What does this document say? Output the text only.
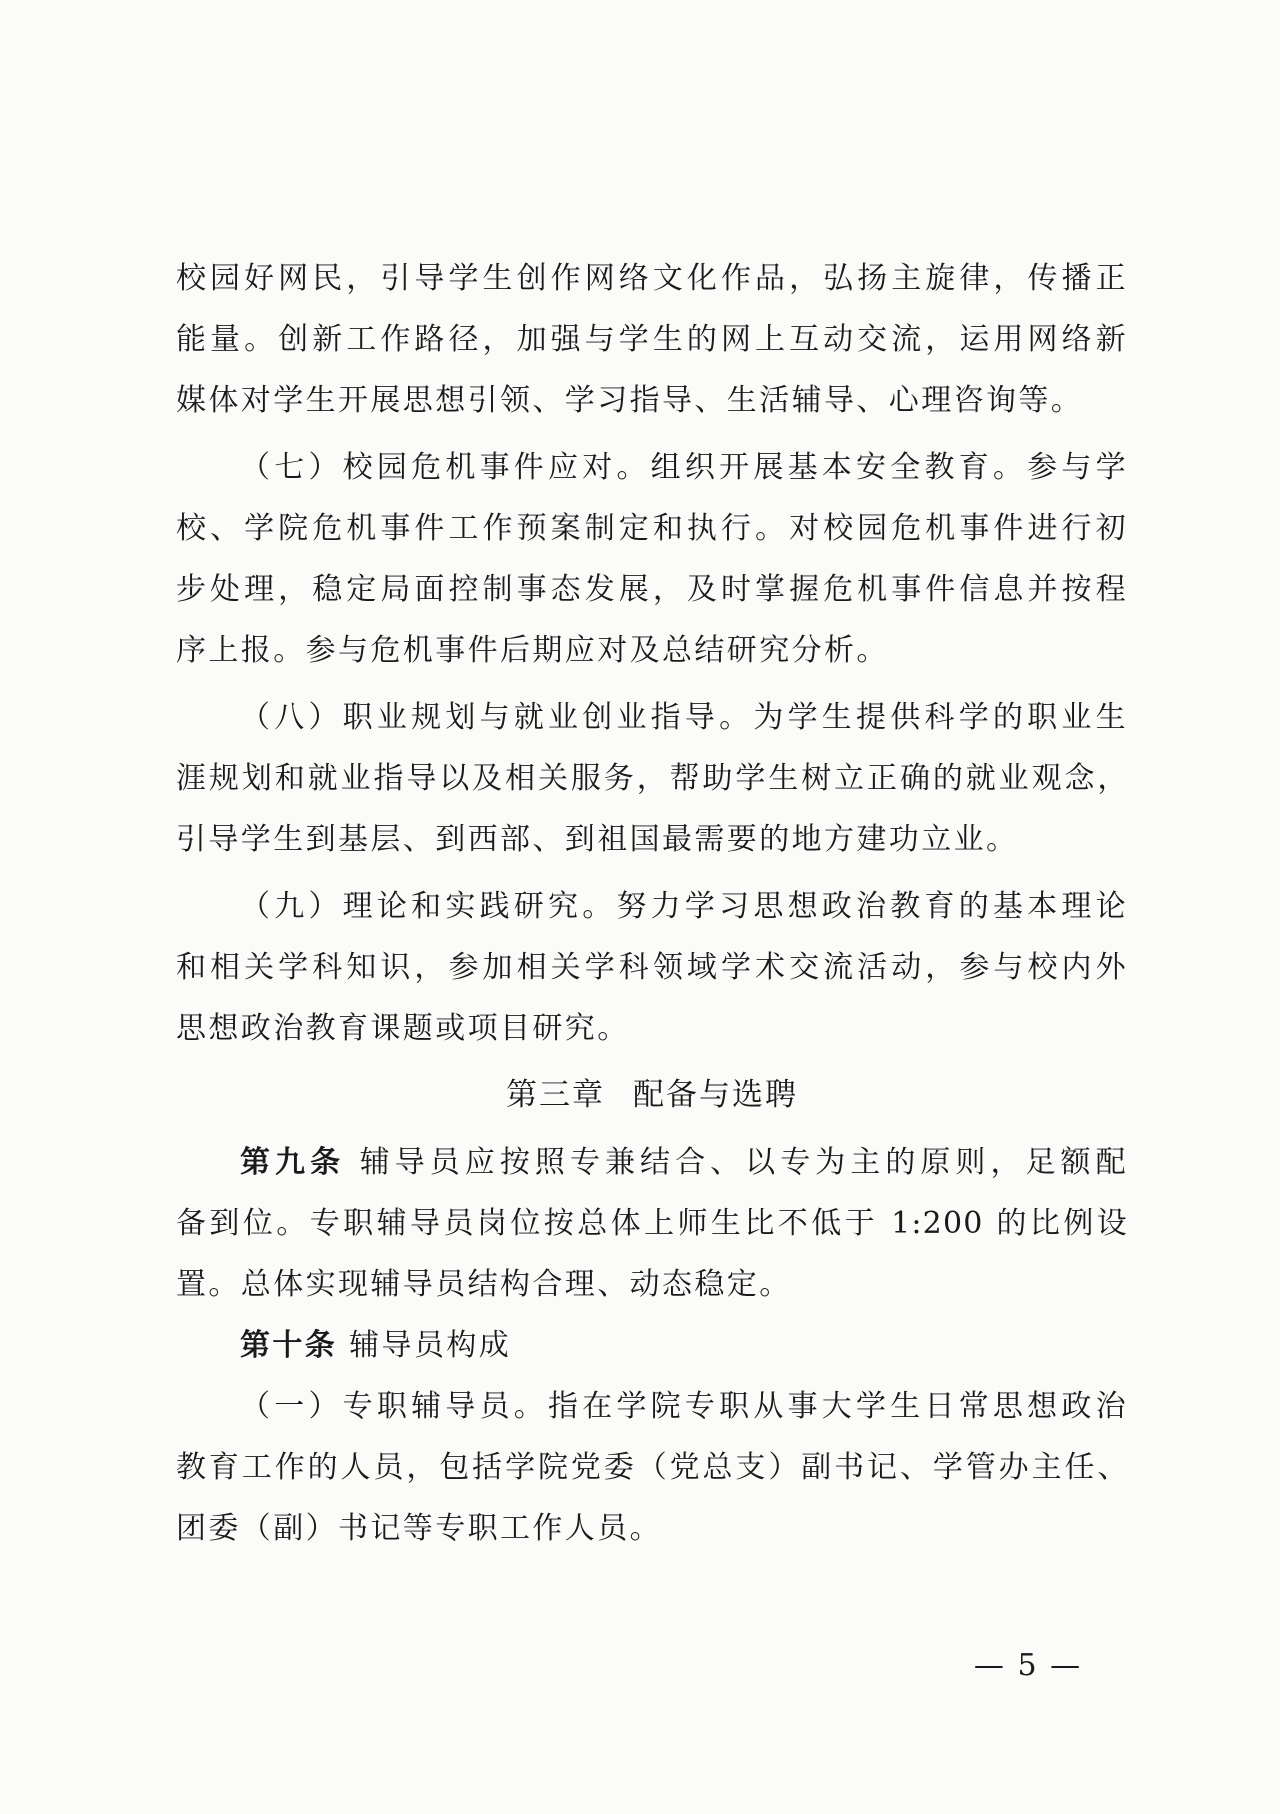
校园好网民，引导学生创作网络文化作品，弘扬主旋律，传播正
能量。创新工作路径，加强与学生的网上互动交流，运用网络新
媒体对学生开展思想引领、学习指导、生活辅导、心理咨询等。
（七）校园危机事件应对。组织开展基本安全教育。参与学
校、学院危机事件工作预案制定和执行。对校园危机事件进行初
步处理，稳定局面控制事态发展，及时掌握危机事件信息并按程
序上报。参与危机事件后期应对及总结研究分析。
（八）职业规划与就业创业指导。为学生提供科学的职业生
涯规划和就业指导以及相关服务，帮助学生树立正确的就业观念，
引导学生到基层、到西部、到祖国最需要的地方建功立业。
（九）理论和实践研究。努力学习思想政治教育的基本理论
和相关学科知识，参加相关学科领域学术交流活动，参与校内外
思想政治教育课题或项目研究。
第三章 配备与选聘
第九条 辅导员应按照专兼结合、以专为主的原则，足额配
备到位。专职辅导员岗位按总体上师生比不低于 1:200 的比例设
置。总体实现辅导员结构合理、动态稳定。
第十条 辅导员构成
（一）专职辅导员。指在学院专职从事大学生日常思想政治
教育工作的人员，包括学院党委（党总支）副书记、学管办主任、
团委（副）书记等专职工作人员。
— 5 —
